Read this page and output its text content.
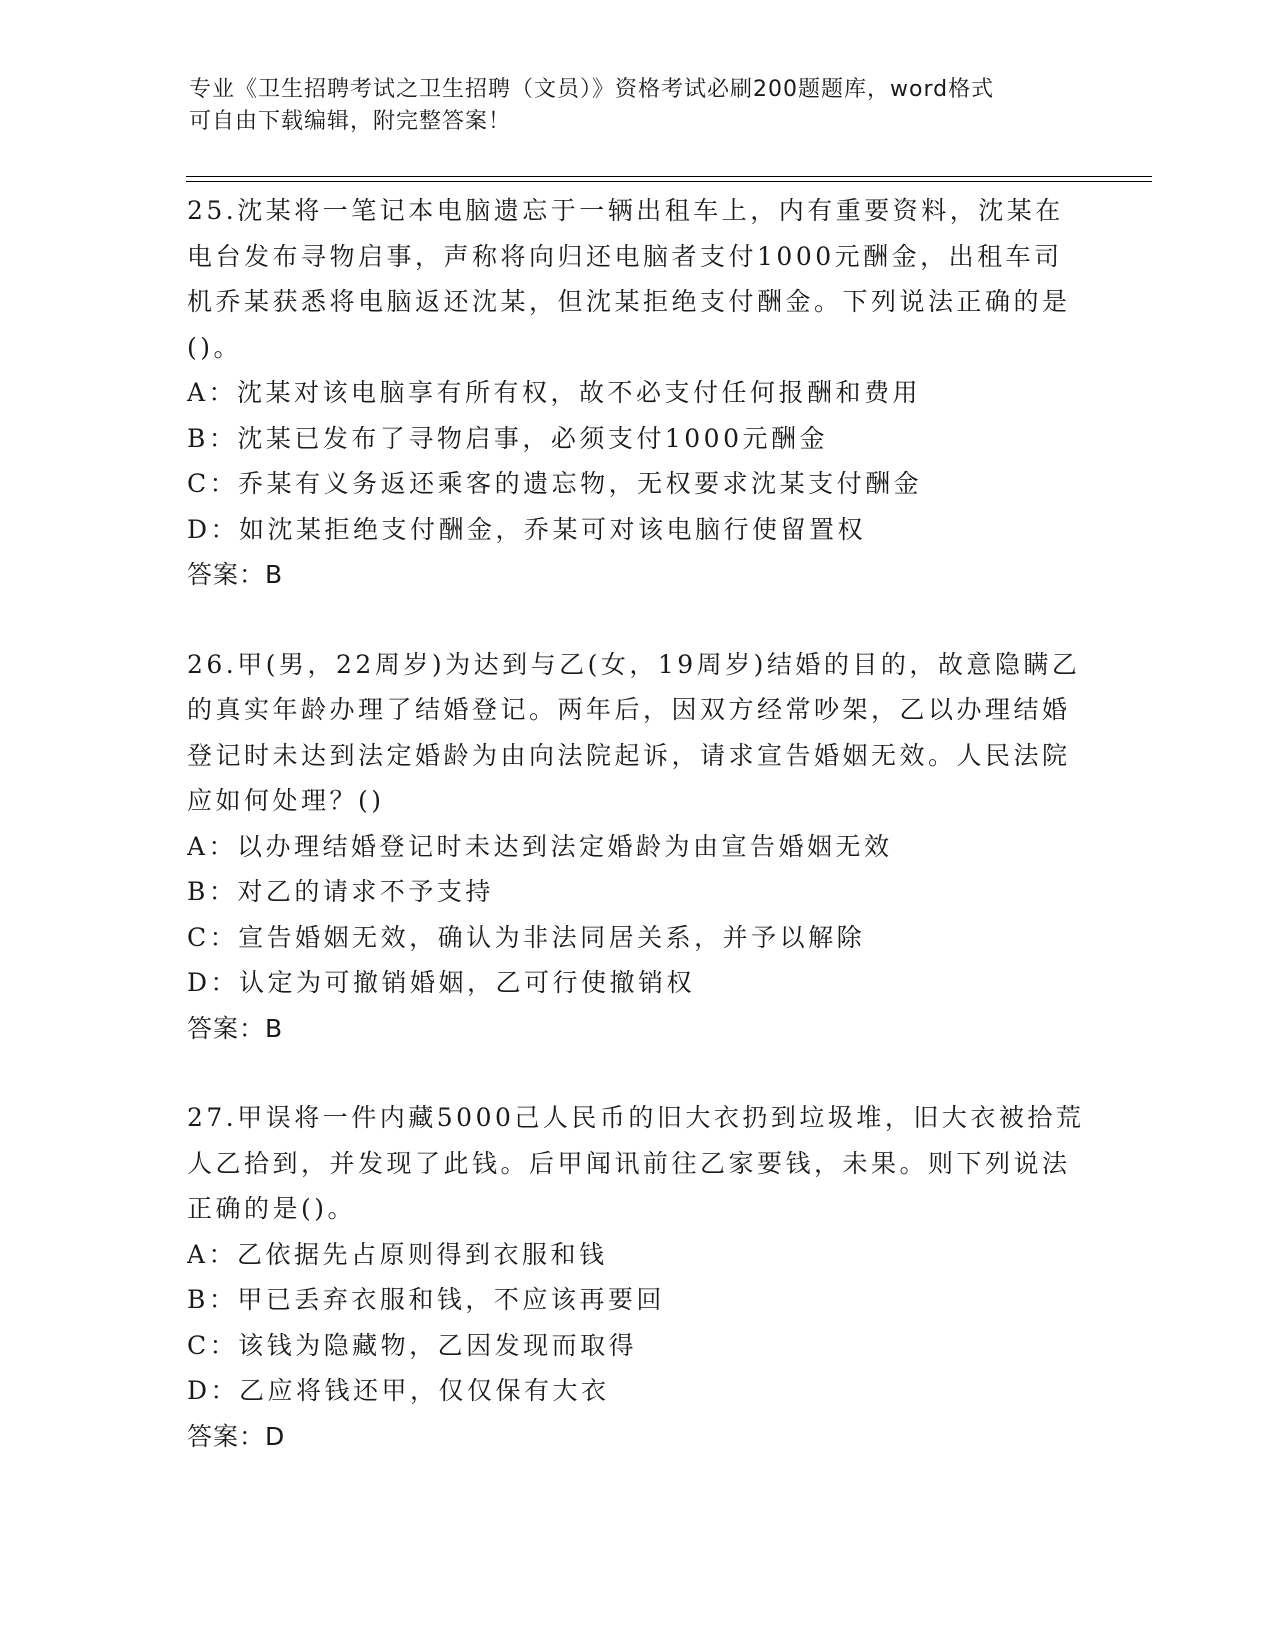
专业《卫生招聘考试之卫生招聘（文员）》资格考试必刷200题题库，word格式
可自由下载编辑，附完整答案！

25.沈某将一笔记本电脑遗忘于一辆出租车上，内有重要资料，沈某在电台发布寻物启事，声称将向归还电脑者支付1000元酬金，出租车司机乔某获悉将电脑返还沈某，但沈某拒绝支付酬金。下列说法正确的是()。

A：沈某对该电脑享有所有权，故不必支付任何报酬和费用

B：沈某已发布了寻物启事，必须支付1000元酬金

C：乔某有义务返还乘客的遗忘物，无权要求沈某支付酬金

D：如沈某拒绝支付酬金，乔某可对该电脑行使留置权

答案：B

26.甲(男，22周岁)为达到与乙(女，19周岁)结婚的目的，故意隐瞒乙的真实年龄办理了结婚登记。两年后，因双方经常吵架，乙以办理结婚登记时未达到法定婚龄为由向法院起诉，请求宣告婚姻无效。人民法院应如何处理？()

A：以办理结婚登记时未达到法定婚龄为由宣告婚姻无效

B：对乙的请求不予支持

C：宣告婚姻无效，确认为非法同居关系，并予以解除

D：认定为可撤销婚姻，乙可行使撤销权

答案：B

27.甲误将一件内藏5000己人民币的旧大衣扔到垃圾堆，旧大衣被拾荒人乙拾到，并发现了此钱。后甲闻讯前往乙家要钱，未果。则下列说法正确的是()。

A：乙依据先占原则得到衣服和钱

B：甲已丢弃衣服和钱，不应该再要回

C：该钱为隐藏物，乙因发现而取得

D：乙应将钱还甲，仅仅保有大衣

答案：D
